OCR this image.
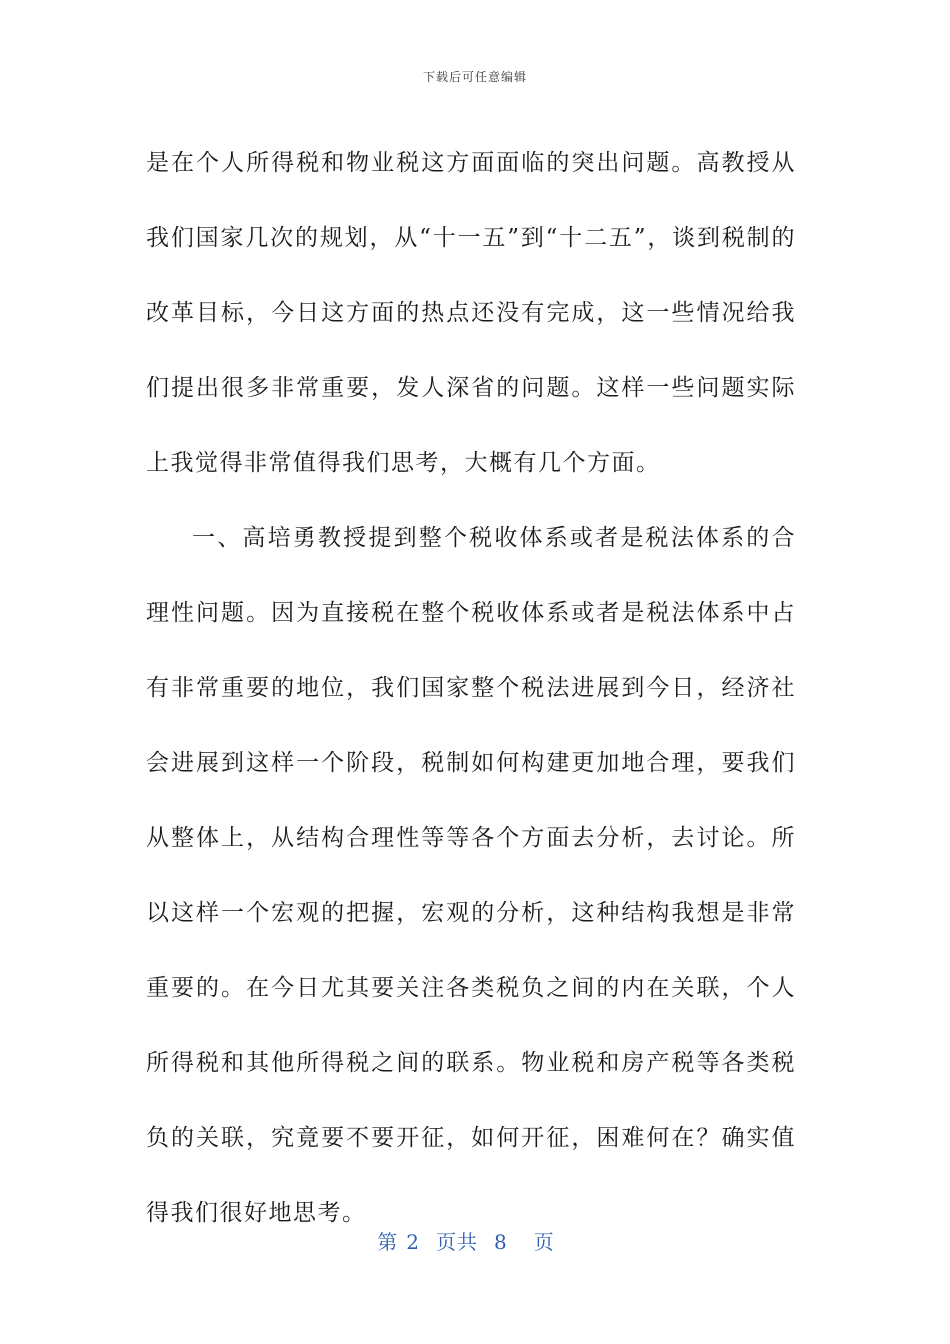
下载后可任意编辑

是在个人所得税和物业税这方面面临的突出问题。高教授从我们国家几次的规划，从“十一五”到“十二五”，谈到税制的改革目标，今日这方面的热点还没有完成，这一些情况给我们提出很多非常重要，发人深省的问题。这样一些问题实际上我觉得非常值得我们思考，大概有几个方面。

一、高培勇教授提到整个税收体系或者是税法体系的合理性问题。因为直接税在整个税收体系或者是税法体系中占有非常重要的地位，我们国家整个税法进展到今日，经济社会进展到这样一个阶段，税制如何构建更加地合理，要我们从整体上，从结构合理性等等各个方面去分析，去讨论。所以这样一个宏观的把握，宏观的分析，这种结构我想是非常重要的。在今日尤其要关注各类税负之间的内在关联，个人所得税和其他所得税之间的联系。物业税和房产税等各类税负的关联，究竟要不要开征，如何开征，困难何在？确实值得我们很好地思考。

第 2 页共 8 页
